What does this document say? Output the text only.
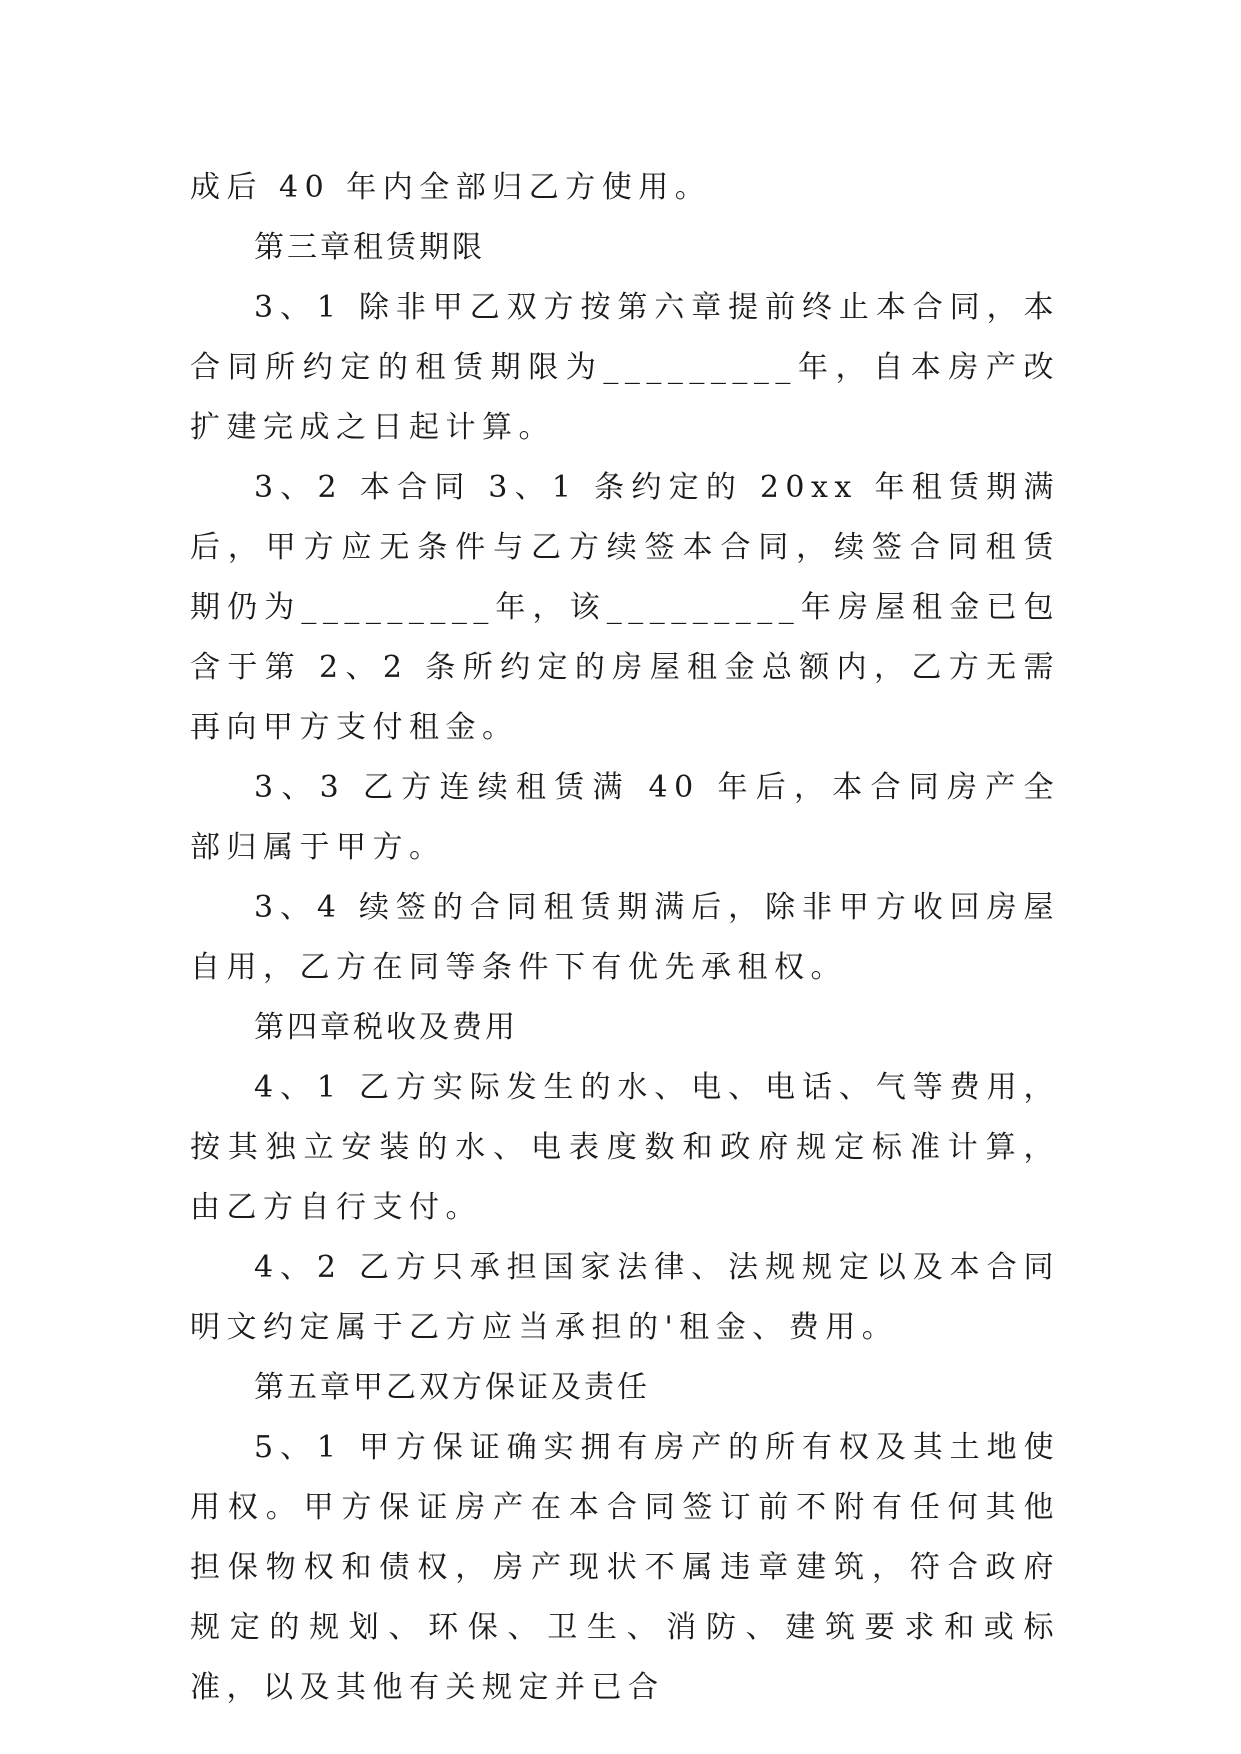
成后 40 年内全部归乙方使用。

第三章租赁期限

3、1 除非甲乙双方按第六章提前终止本合同，本合同所约定的租赁期限为_________年，自本房产改扩建完成之日起计算。

3、2 本合同 3、1 条约定的 20xx 年租赁期满后，甲方应无条件与乙方续签本合同，续签合同租赁期仍为_________年，该_________年房屋租金已包含于第 2、2 条所约定的房屋租金总额内，乙方无需再向甲方支付租金。

3、3 乙方连续租赁满 40 年后，本合同房产全部归属于甲方。

3、4 续签的合同租赁期满后，除非甲方收回房屋自用，乙方在同等条件下有优先承租权。

第四章税收及费用

4、1 乙方实际发生的水、电、电话、气等费用，按其独立安装的水、电表度数和政府规定标准计算，由乙方自行支付。

4、2 乙方只承担国家法律、法规规定以及本合同明文约定属于乙方应当承担的'租金、费用。

第五章甲乙双方保证及责任

5、1 甲方保证确实拥有房产的所有权及其土地使用权。甲方保证房产在本合同签订前不附有任何其他担保物权和债权，房产现状不属违章建筑，符合政府规定的规划、环保、卫生、消防、建筑要求和或标准，以及其他有关规定并已合
